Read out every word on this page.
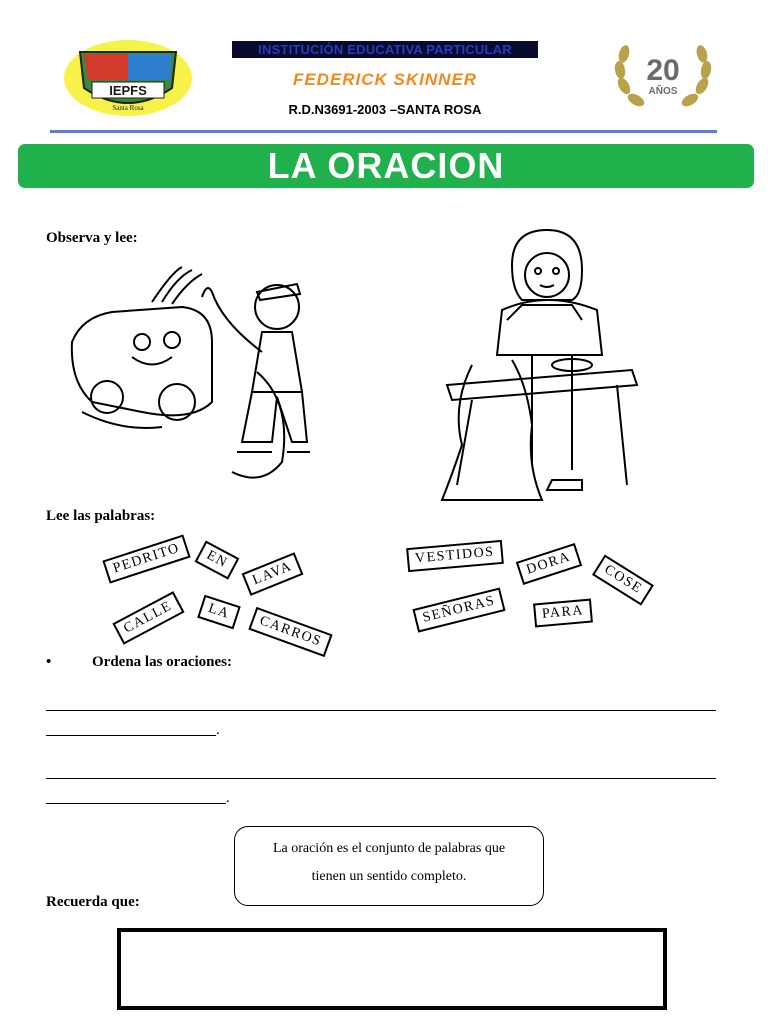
IEPFS
Santa Rosa
INSTITUCIÓN EDUCATIVA PARTICULAR
FEDERICK SKINNER
R.D.N3691-2003 –SANTA ROSA
20
AÑOS
LA ORACION
Observa y lee:
Lee las palabras:
PEDRITO	EN	LAVA
CALLE	LA
CARROS
VESTIDOS	DORA	COSE
SEÑORAS	PARA
•	Ordena las oraciones:
.
.
La oración es el conjunto de palabras que
tienen un sentido completo.
Recuerda que:
